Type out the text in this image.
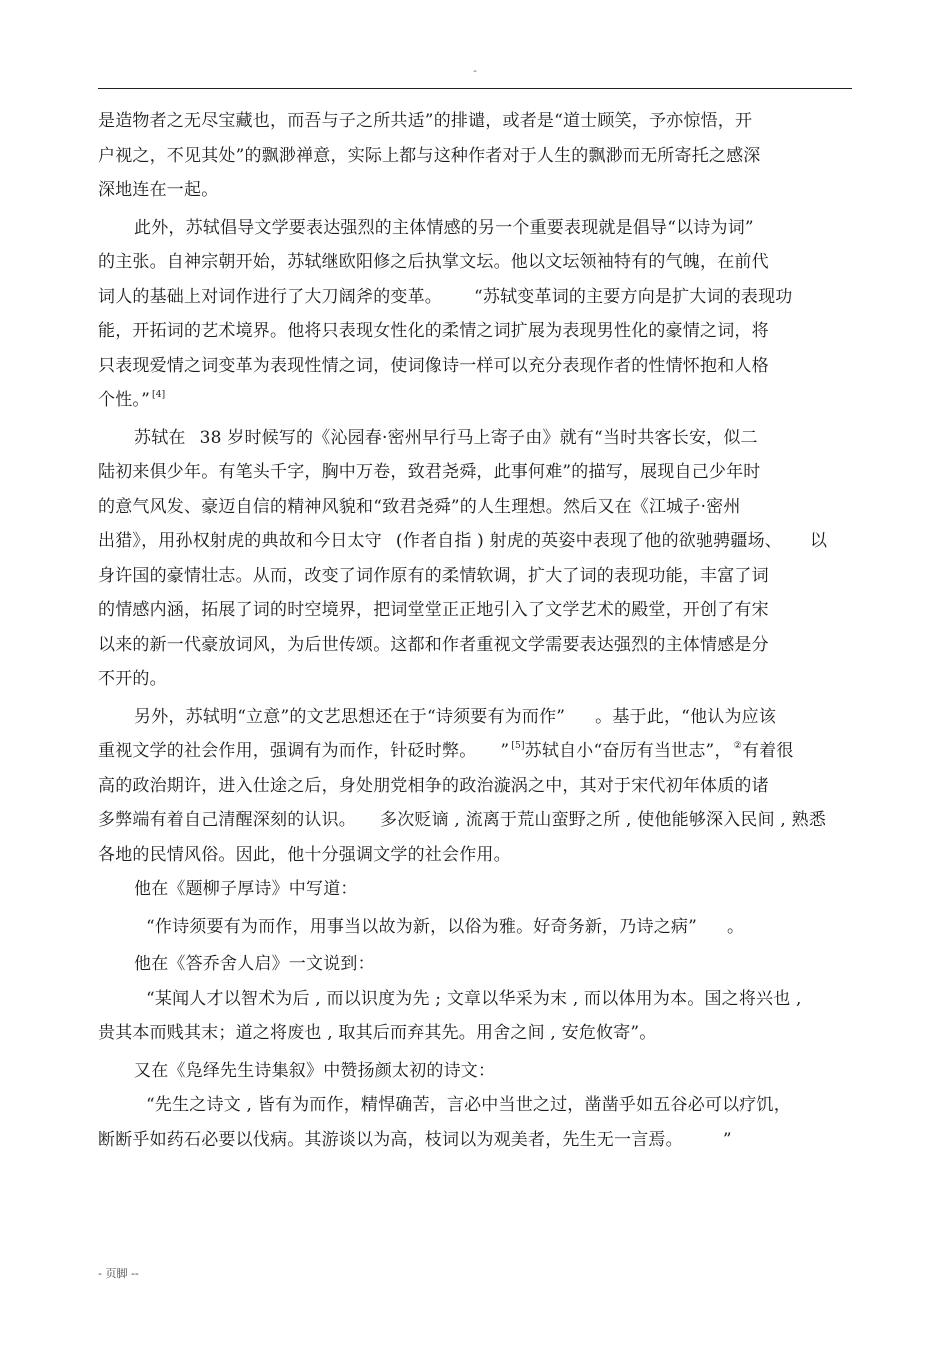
-
是造物者之无尽宝藏也，而吾与子之所共适”的排谴，或者是“道士顾笑，予亦惊悟，开
户视之，不见其处”的飘渺禅意，实际上都与这种作者对于人生的飘渺而无所寄托之感深
深地连在一起。
此外，苏轼倡导文学要表达强烈的主体情感的另一个重要表现就是倡导“以诗为词”
的主张。自神宗朝开始，苏轼继欧阳修之后执掌文坛。他以文坛领袖特有的气魄，在前代
词人的基础上对词作进行了大刀阔斧的变革。 “苏轼变革词的主要方向是扩大词的表现功
能，开拓词的艺术境界。他将只表现女性化的柔情之词扩展为表现男性化的豪情之词，将
只表现爱情之词变革为表现性情之词，使词像诗一样可以充分表现作者的性情怀抱和人格
个性。” [4]
苏轼在 38 岁时候写的《沁园春·密州早行马上寄子由》就有“当时共客长安，似二
陆初来俱少年。有笔头千字，胸中万卷，致君尧舜，此事何难”的描写，展现自己少年时
的意气风发、豪迈自信的精神风貌和“致君尧舜”的人生理想。然后又在《江城子·密州
出猎》，用孙权射虎的典故和今日太守 (作者自指 ) 射虎的英姿中表现了他的欲驰骋疆场、 以
身许国的豪情壮志。从而，改变了词作原有的柔情软调，扩大了词的表现功能，丰富了词
的情感内涵，拓展了词的时空境界，把词堂堂正正地引入了文学艺术的殿堂，开创了有宋
以来的新一代豪放词风，为后世传颂。这都和作者重视文学需要表达强烈的主体情感是分
不开的。
另外，苏轼明“立意”的文艺思想还在于“诗须要有为而作” 。基于此，“他认为应该
重视文学的社会作用，强调有为而作，针砭时弊。 ” [5]苏轼自小“奋厉有当世志”， ②有着很
高的政治期许，进入仕途之后，身处朋党相争的政治漩涡之中，其对于宋代初年体质的诸
多弊端有着自己清醒深刻的认识。 多次贬谪 , 流离于荒山蛮野之所 , 使他能够深入民间 , 熟悉
各地的民情风俗。因此，他十分强调文学的社会作用。
他在《题柳子厚诗》中写道：
“作诗须要有为而作，用事当以故为新，以俗为雅。好奇务新，乃诗之病” 。
他在《答乔舍人启》一文说到：
“某闻人才以智术为后 , 而以识度为先 ; 文章以华采为末 , 而以体用为本。国之将兴也 ,
贵其本而贱其末；道之将废也 , 取其后而弃其先。用舍之间 , 安危攸寄”。
又在《凫绎先生诗集叙》中赞扬颜太初的诗文：
“先生之诗文 , 皆有为而作，精悍确苦，言必中当世之过，凿凿乎如五谷必可以疗饥，
断断乎如药石必要以伐病。其游谈以为高，枝词以为观美者，先生无一言焉。 ”
- 页脚 --
